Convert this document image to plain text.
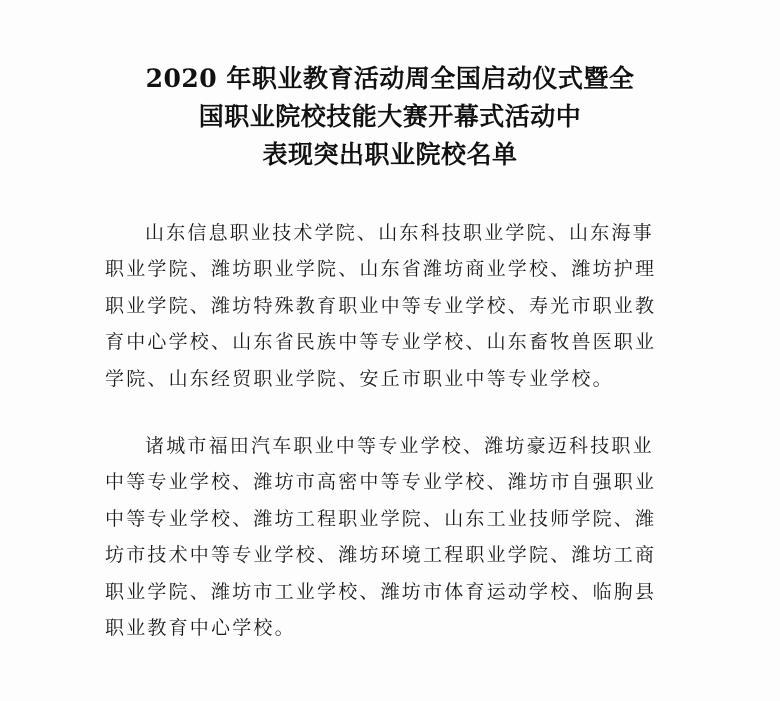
2020 年职业教育活动周全国启动仪式暨全
国职业院校技能大赛开幕式活动中
表现突出职业院校名单
山东信息职业技术学院、山东科技职业学院、山东海事
职业学院、潍坊职业学院、山东省潍坊商业学校、潍坊护理
职业学院、潍坊特殊教育职业中等专业学校、寿光市职业教
育中心学校、山东省民族中等专业学校、山东畜牧兽医职业
学院、山东经贸职业学院、安丘市职业中等专业学校。
诸城市福田汽车职业中等专业学校、潍坊豪迈科技职业
中等专业学校、潍坊市高密中等专业学校、潍坊市自强职业
中等专业学校、潍坊工程职业学院、山东工业技师学院、潍
坊市技术中等专业学校、潍坊环境工程职业学院、潍坊工商
职业学院、潍坊市工业学校、潍坊市体育运动学校、临朐县
职业教育中心学校。
